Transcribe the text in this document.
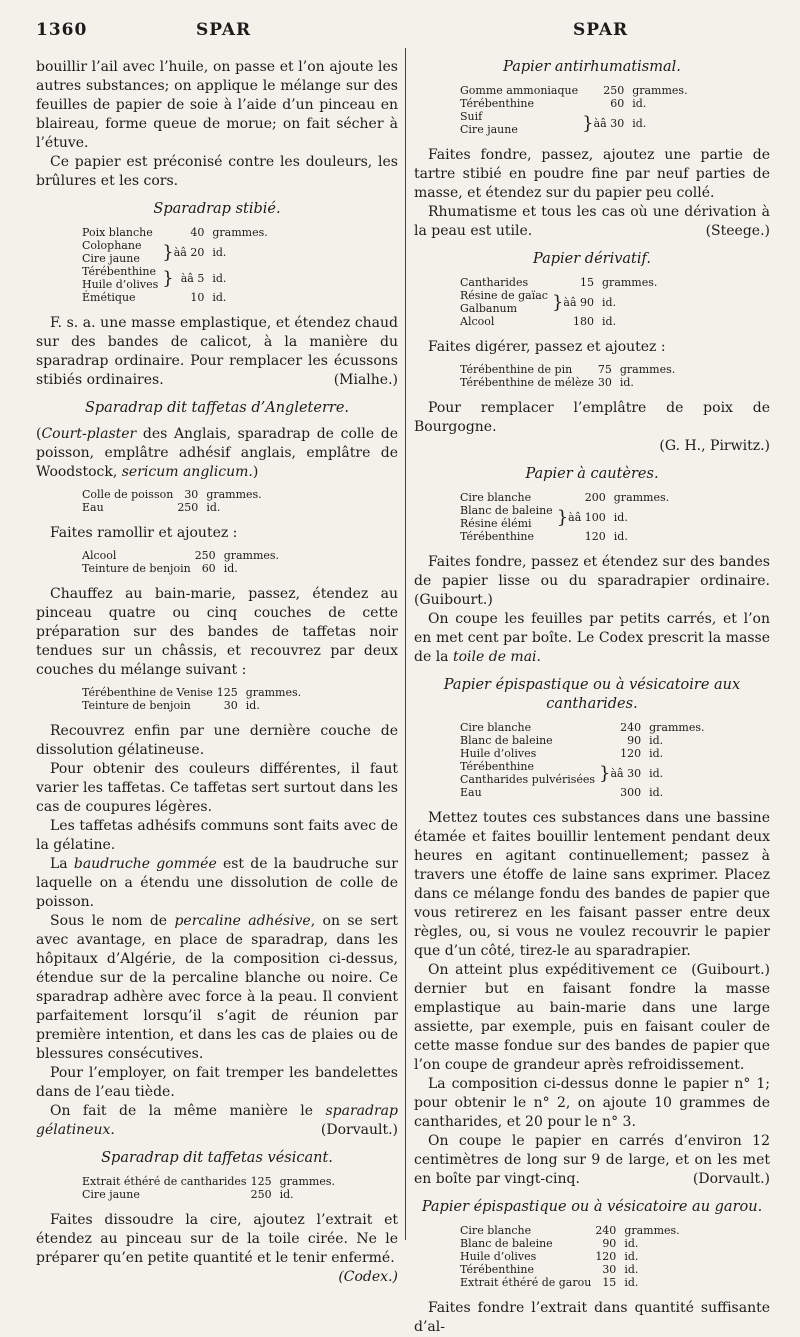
1360	SPAR	SPAR

bouillir l’ail avec l’huile, on passe et l’on ajoute les autres substances; on applique le mélange sur des feuilles de papier de soie à l’aide d’un pinceau en blaireau, forme queue de morue; on fait sécher à l’étuve.

Ce papier est préconisé contre les douleurs, les brûlures et les cors.

Sparadrap stibié.
Poix blanche		40	grammes.
Colophane	}	àâ 20	id.
Cire jaune			
Térébenthine	}	àâ 5	id.
Huile d’olives			
Émétique		10	id.

F. s. a. une masse emplastique, et étendez chaud sur des bandes de calicot, à la manière du sparadrap ordinaire. Pour remplacer les écussons stibiés ordinaires.	(Mialhe.)

Sparadrap dit taffetas d’Angleterre.

(Court-plaster des Anglais, sparadrap de colle de poisson, emplâtre adhésif anglais, emplâtre de Woodstock, sericum anglicum.)

Colle de poisson	30	grammes.
Eau	250	id.

Faites ramollir et ajoutez :

Alcool	250	grammes.
Teinture de benjoin	60	id.

Chauffez au bain-marie, passez, étendez au pinceau quatre ou cinq couches de cette préparation sur des bandes de taffetas noir tendues sur un châssis, et recouvrez par deux couches du mélange suivant :

Térébenthine de Venise	125	grammes.
Teinture de benjoin	30	id.

Recouvrez enfin par une dernière couche de dissolution gélatineuse.

Pour obtenir des couleurs différentes, il faut varier les taffetas. Ce taffetas sert surtout dans les cas de coupures légères.

Les taffetas adhésifs communs sont faits avec de la gélatine.

La baudruche gommée est de la baudruche sur laquelle on a étendu une dissolution de colle de poisson.

Sous le nom de percaline adhésive, on se sert avec avantage, en place de sparadrap, dans les hôpitaux d’Algérie, de la composition ci-dessus, étendue sur de la percaline blanche ou noire. Ce sparadrap adhère avec force à la peau. Il convient parfaitement lorsqu’il s’agit de réunion par première intention, et dans les cas de plaies ou de blessures consécutives.

Pour l’employer, on fait tremper les bandelettes dans de l’eau tiède.

On fait de la même manière le sparadrap gélatineux.	(Dorvault.)

Sparadrap dit taffetas vésicant.
Extrait éthéré de cantharides	125	grammes.
Cire jaune	250	id.

Faites dissoudre la cire, ajoutez l’extrait et étendez au pinceau sur de la toile cirée. Ne le préparer qu’en petite quantité et le tenir enfermé.

(Codex.)

Papier antirhumatismal.
Gomme ammoniaque		250	grammes.
Térébenthine		60	id.
Suif	}	àâ 30	id.
Cire jaune			

Faites fondre, passez, ajoutez une partie de tartre stibié en poudre fine par neuf parties de masse, et étendez sur du papier peu collé.

Rhumatisme et tous les cas où une dérivation à la peau est utile.	(Steege.)

Papier dérivatif.
Cantharides		15	grammes.
Résine de gaïac	}	àâ 90	id.
Galbanum			
Alcool		180	id.

Faites digérer, passez et ajoutez :

Térébenthine de pin	75	grammes.
Térébenthine de mélèze	30	id.

Pour remplacer l’emplâtre de poix de Bourgogne.

(G. H., Pirwitz.)

Papier à cautères.
Cire blanche		200	grammes.
Blanc de baleine	}	àâ 100	id.
Résine élémi			
Térébenthine		120	id.

Faites fondre, passez et étendez sur des bandes de papier lisse ou du sparadrapier ordinaire. (Guibourt.)

On coupe les feuilles par petits carrés, et l’on en met cent par boîte. Le Codex prescrit la masse de la toile de mai.

Papier épispastique ou à vésicatoire aux cantharides.
Cire blanche		240	grammes.
Blanc de baleine		90	id.
Huile d’olives		120	id.
Térébenthine	}	àâ 30	id.
Cantharides pulvérisées			
Eau		300	id.

Mettez toutes ces substances dans une bassine étamée et faites bouillir lentement pendant deux heures en agitant continuellement; passez à travers une étoffe de laine sans exprimer. Placez dans ce mélange fondu des bandes de papier que vous retirerez en les faisant passer entre deux règles, ou, si vous ne voulez recouvrir le papier que d’un côté, tirez-le au sparadrapier.
(Guibourt.)

On atteint plus expéditivement ce dernier but en faisant fondre la masse emplastique au bain-marie dans une large assiette, par exemple, puis en faisant couler de cette masse fondue sur des bandes de papier que l’on coupe de grandeur après refroidissement.

La composition ci-dessus donne le papier n° 1; pour obtenir le n° 2, on ajoute 10 grammes de cantharides, et 20 pour le n° 3.

On coupe le papier en carrés d’environ 12 centimètres de long sur 9 de large, et on les met en boîte par vingt-cinq.	(Dorvault.)

Papier épispastique ou à vésicatoire au garou.
Cire blanche	240	grammes.
Blanc de baleine	90	id.
Huile d’olives	120	id.
Térébenthine	30	id.
Extrait éthéré de garou	15	id.

Faites fondre l’extrait dans quantité suffisante d’al-
